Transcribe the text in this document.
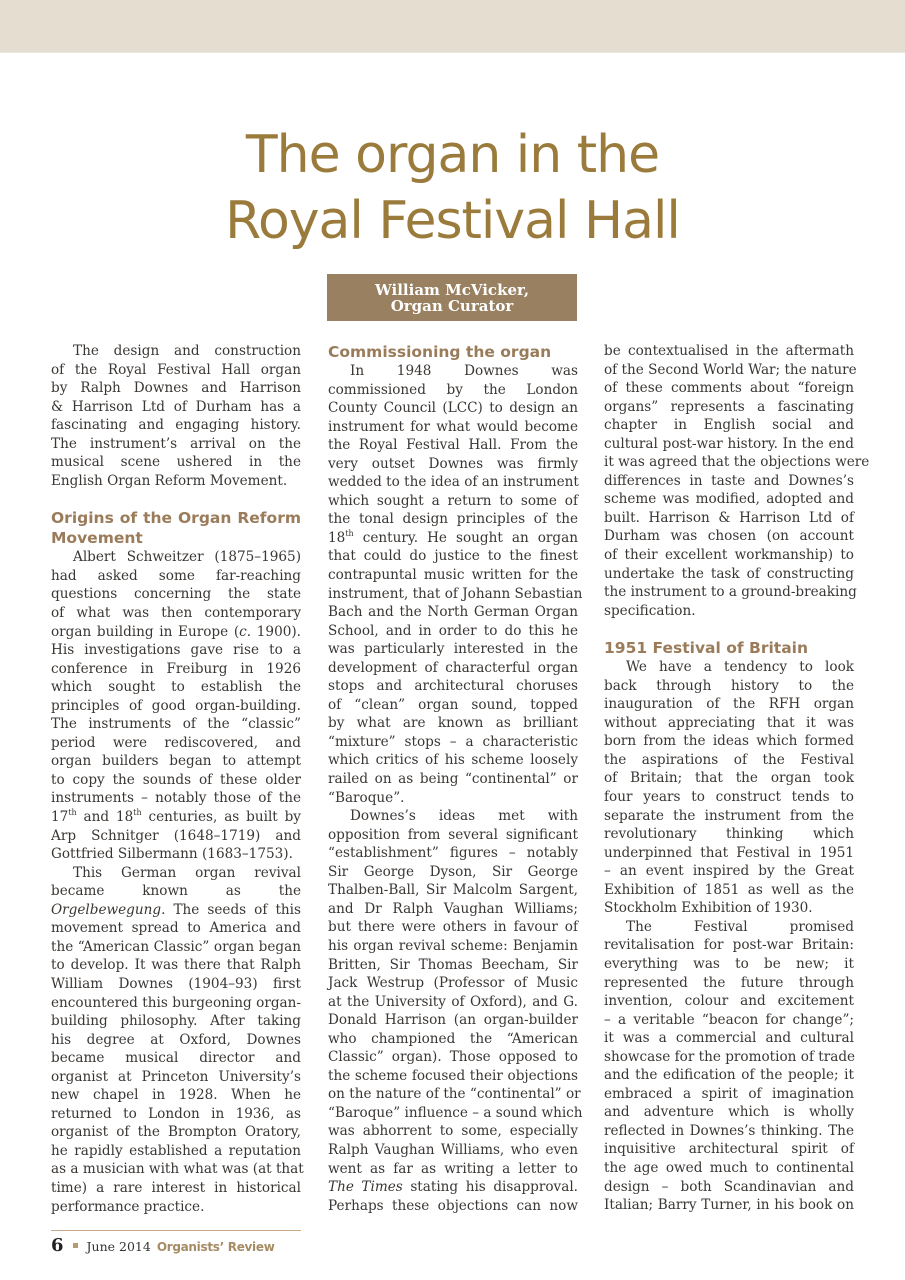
The organ in the
Royal Festival Hall
William McVicker,
Organ Curator
The design and construction
of the Royal Festival Hall organ
by Ralph Downes and Harrison
& Harrison Ltd of Durham has a
fascinating and engaging history.
The instrument’s arrival on the
musical scene ushered in the
English Organ Reform Movement.
Origins of the Organ Reform
Movement
Albert Schweitzer (1875–1965)
had asked some far-reaching
questions concerning the state
of what was then contemporary
organ building in Europe (c. 1900).
His investigations gave rise to a
conference in Freiburg in 1926
which sought to establish the
principles of good organ-building.
The instruments of the “classic”
period were rediscovered, and
organ builders began to attempt
to copy the sounds of these older
instruments – notably those of the
17th and 18th centuries, as built by
Arp Schnitger (1648–1719) and
Gottfried Silbermann (1683–1753).
This German organ revival
became known as the
Orgelbewegung. The seeds of this
movement spread to America and
the “American Classic” organ began
to develop. It was there that Ralph
William Downes (1904–93) first
encountered this burgeoning organ-
building philosophy. After taking
his degree at Oxford, Downes
became musical director and
organist at Princeton University’s
new chapel in 1928. When he
returned to London in 1936, as
organist of the Brompton Oratory,
he rapidly established a reputation
as a musician with what was (at that
time) a rare interest in historical
performance practice.
Commissioning the organ
In 1948 Downes was
commissioned by the London
County Council (LCC) to design an
instrument for what would become
the Royal Festival Hall. From the
very outset Downes was firmly
wedded to the idea of an instrument
which sought a return to some of
the tonal design principles of the
18th century. He sought an organ
that could do justice to the finest
contrapuntal music written for the
instrument, that of Johann Sebastian
Bach and the North German Organ
School, and in order to do this he
was particularly interested in the
development of characterful organ
stops and architectural choruses
of “clean” organ sound, topped
by what are known as brilliant
“mixture” stops – a characteristic
which critics of his scheme loosely
railed on as being “continental” or
“Baroque”.
Downes’s ideas met with
opposition from several significant
“establishment” figures – notably
Sir George Dyson, Sir George
Thalben-Ball, Sir Malcolm Sargent,
and Dr Ralph Vaughan Williams;
but there were others in favour of
his organ revival scheme: Benjamin
Britten, Sir Thomas Beecham, Sir
Jack Westrup (Professor of Music
at the University of Oxford), and G.
Donald Harrison (an organ-builder
who championed the “American
Classic” organ). Those opposed to
the scheme focused their objections
on the nature of the “continental” or
“Baroque” influence – a sound which
was abhorrent to some, especially
Ralph Vaughan Williams, who even
went as far as writing a letter to
The Times stating his disapproval.
Perhaps these objections can now
be contextualised in the aftermath
of the Second World War; the nature
of these comments about “foreign
organs” represents a fascinating
chapter in English social and
cultural post-war history. In the end
it was agreed that the objections were
differences in taste and Downes’s
scheme was modified, adopted and
built. Harrison & Harrison Ltd of
Durham was chosen (on account
of their excellent workmanship) to
undertake the task of constructing
the instrument to a ground-breaking
specification.
1951 Festival of Britain
We have a tendency to look
back through history to the
inauguration of the RFH organ
without appreciating that it was
born from the ideas which formed
the aspirations of the Festival
of Britain; that the organ took
four years to construct tends to
separate the instrument from the
revolutionary thinking which
underpinned that Festival in 1951
– an event inspired by the Great
Exhibition of 1851 as well as the
Stockholm Exhibition of 1930.
The Festival promised
revitalisation for post-war Britain:
everything was to be new; it
represented the future through
invention, colour and excitement
– a veritable “beacon for change”;
it was a commercial and cultural
showcase for the promotion of trade
and the edification of the people; it
embraced a spirit of imagination
and adventure which is wholly
reflected in Downes’s thinking. The
inquisitive architectural spirit of
the age owed much to continental
design – both Scandinavian and
Italian; Barry Turner, in his book on
6 June 2014 Organists’ Review
